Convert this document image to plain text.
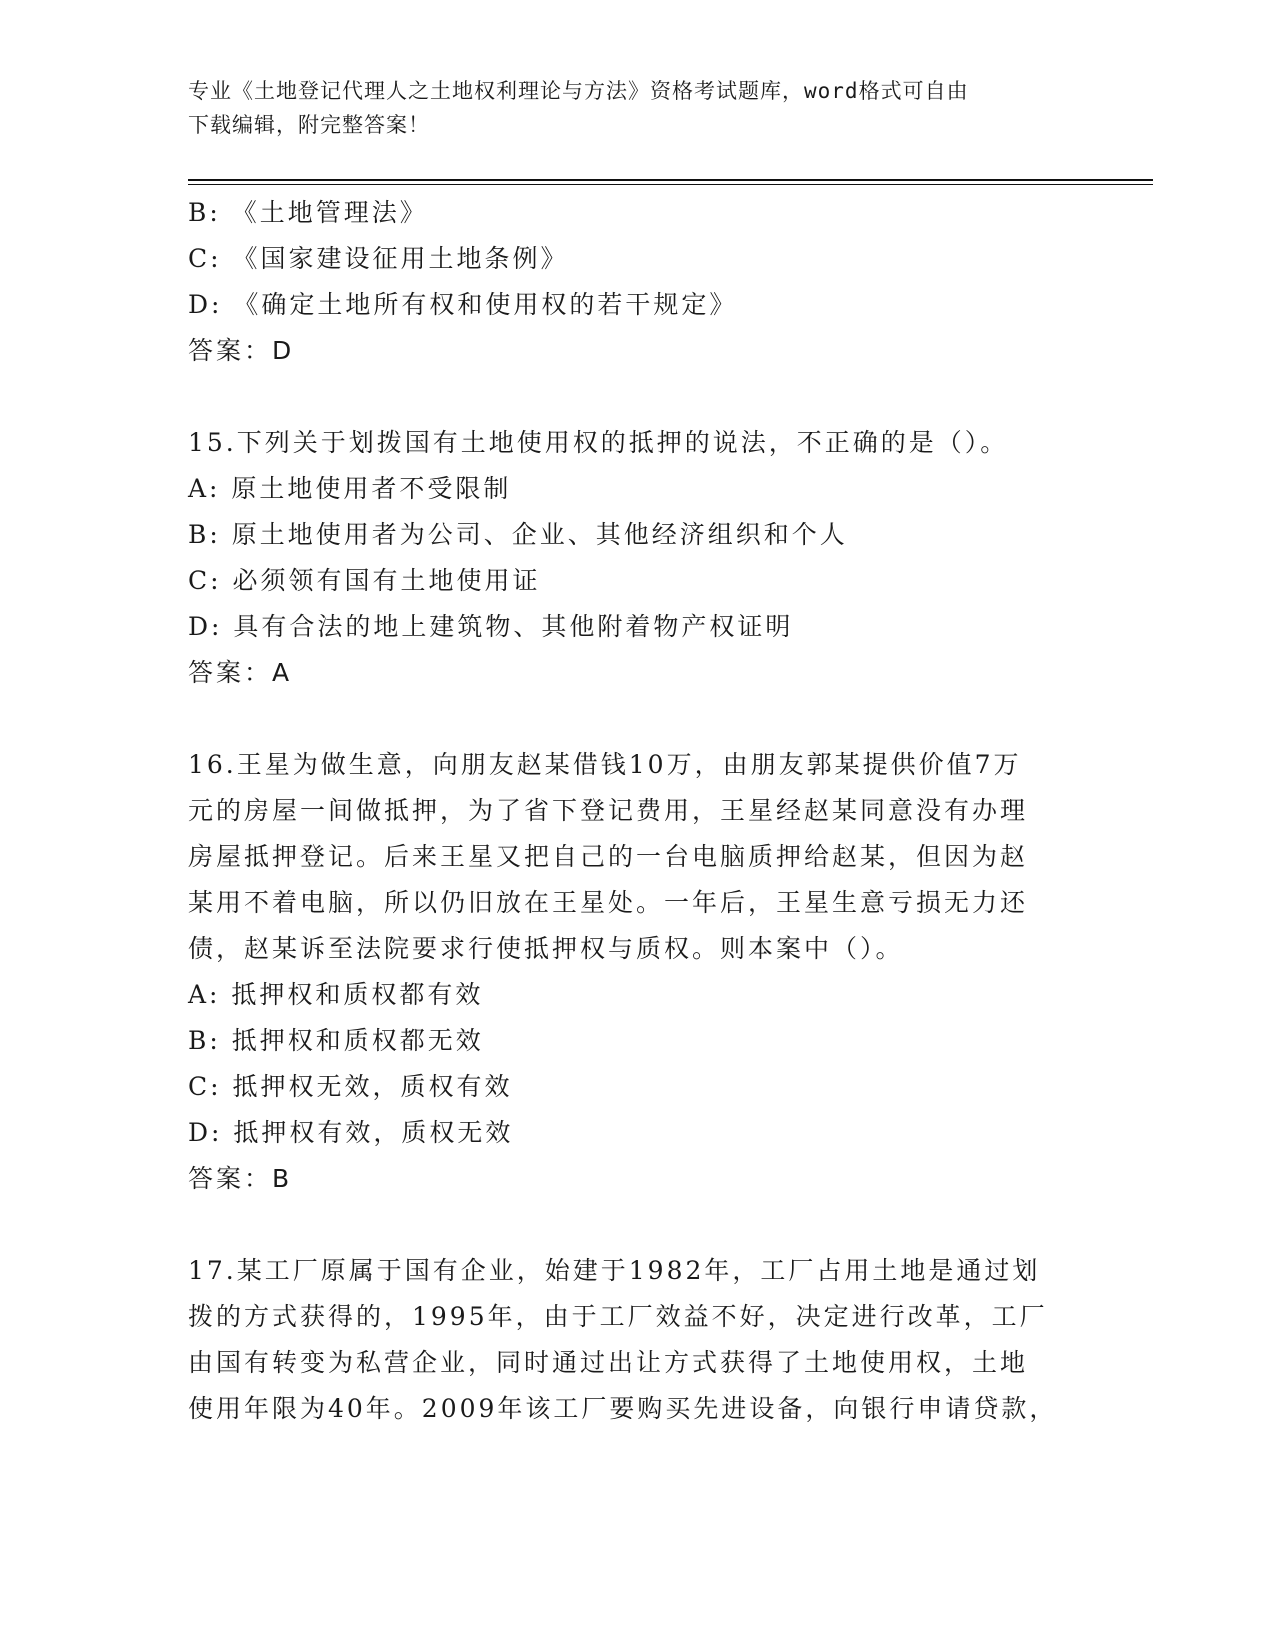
专业《土地登记代理人之土地权利理论与方法》资格考试题库，word格式可自由
下载编辑，附完整答案！
B: 《土地管理法》
C: 《国家建设征用土地条例》
D: 《确定土地所有权和使用权的若干规定》
答案：D
15.下列关于划拨国有土地使用权的抵押的说法，不正确的是（）。
A: 原土地使用者不受限制
B: 原土地使用者为公司、企业、其他经济组织和个人
C: 必须领有国有土地使用证
D: 具有合法的地上建筑物、其他附着物产权证明
答案：A
16.王星为做生意，向朋友赵某借钱10万，由朋友郭某提供价值7万
元的房屋一间做抵押，为了省下登记费用，王星经赵某同意没有办理
房屋抵押登记。后来王星又把自己的一台电脑质押给赵某，但因为赵
某用不着电脑，所以仍旧放在王星处。一年后，王星生意亏损无力还
债，赵某诉至法院要求行使抵押权与质权。则本案中（）。
A: 抵押权和质权都有效
B: 抵押权和质权都无效
C: 抵押权无效，质权有效
D: 抵押权有效，质权无效
答案：B
17.某工厂原属于国有企业，始建于1982年，工厂占用土地是通过划
拨的方式获得的，1995年，由于工厂效益不好，决定进行改革，工厂
由国有转变为私营企业，同时通过出让方式获得了土地使用权，土地
使用年限为40年。2009年该工厂要购买先进设备，向银行申请贷款，
